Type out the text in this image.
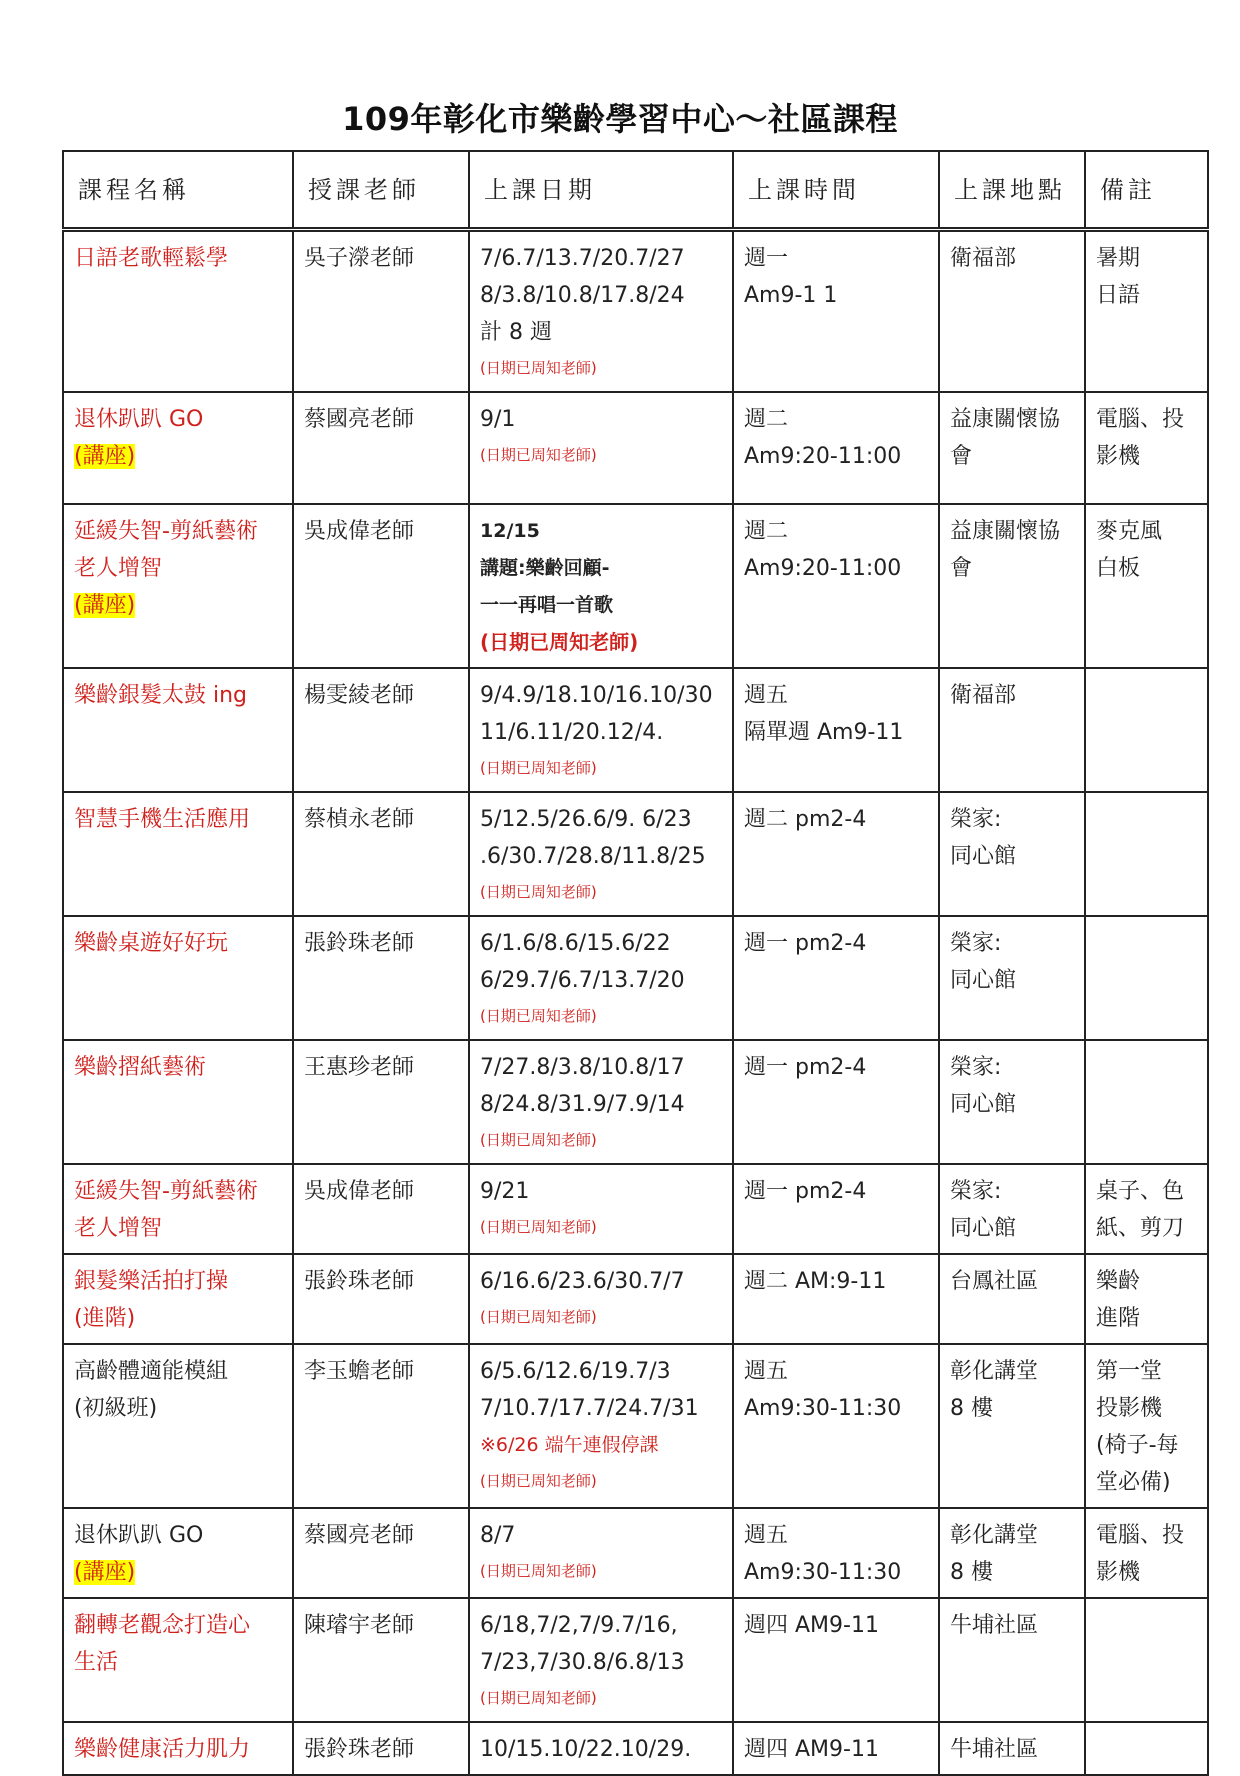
109年彰化市樂齡學習中心～社區課程
課程名稱	授課老師	上課日期	上課時間	上課地點	備註

日語老歌輕鬆學	吳子濴老師	7/6.7/13.7/20.7/27
8/3.8/10.8/17.8/24
計 8 週
(日期已周知老師)	週一
Am9-1 1	衛福部	暑期
日語

退休趴趴 GO
(講座)	蔡國亮老師	9/1
(日期已周知老師)	週二
Am9:20-11:00	益康關懷協
會	電腦、投
影機

延緩失智-剪紙藝術
老人增智
(講座)	吳成偉老師	12/15
講題:樂齡回顧-
一一再唱一首歌
(日期已周知老師)	週二
Am9:20-11:00	益康關懷協
會	麥克風
白板

樂齡銀髮太鼓 ing	楊雯綾老師	9/4.9/18.10/16.10/30
11/6.11/20.12/4.
(日期已周知老師)	週五
隔單週 Am9-11	衛福部	

智慧手機生活應用	蔡楨永老師	5/12.5/26.6/9. 6/23
.6/30.7/28.8/11.8/25
(日期已周知老師)	週二 pm2-4	榮家:
同心館	

樂齡桌遊好好玩	張鈴珠老師	6/1.6/8.6/15.6/22
6/29.7/6.7/13.7/20
(日期已周知老師)	週一 pm2-4	榮家:
同心館	

樂齡摺紙藝術	王惠珍老師	7/27.8/3.8/10.8/17
8/24.8/31.9/7.9/14
(日期已周知老師)	週一 pm2-4	榮家:
同心館	

延緩失智-剪紙藝術
老人增智	吳成偉老師	9/21
(日期已周知老師)	週一 pm2-4	榮家:
同心館	桌子、色
紙、剪刀

銀髮樂活拍打操
(進階)	張鈴珠老師	6/16.6/23.6/30.7/7
(日期已周知老師)	週二 AM:9-11	台鳳社區	樂齡
進階

高齡體適能模組
(初級班)	李玉蟾老師	6/5.6/12.6/19.7/3
7/10.7/17.7/24.7/31
※6/26 端午連假停課
(日期已周知老師)	週五
Am9:30-11:30	彰化講堂
8 樓	第一堂
投影機
(椅子-每
堂必備)

退休趴趴 GO
(講座)	蔡國亮老師	8/7
(日期已周知老師)	週五
Am9:30-11:30	彰化講堂
8 樓	電腦、投
影機

翻轉老觀念打造心
生活	陳璿宇老師	6/18,7/2,7/9.7/16,
7/23,7/30.8/6.8/13
(日期已周知老師)	週四 AM9-11	牛埔社區	

樂齡健康活力肌力	張鈴珠老師	10/15.10/22.10/29.	週四 AM9-11	牛埔社區	
